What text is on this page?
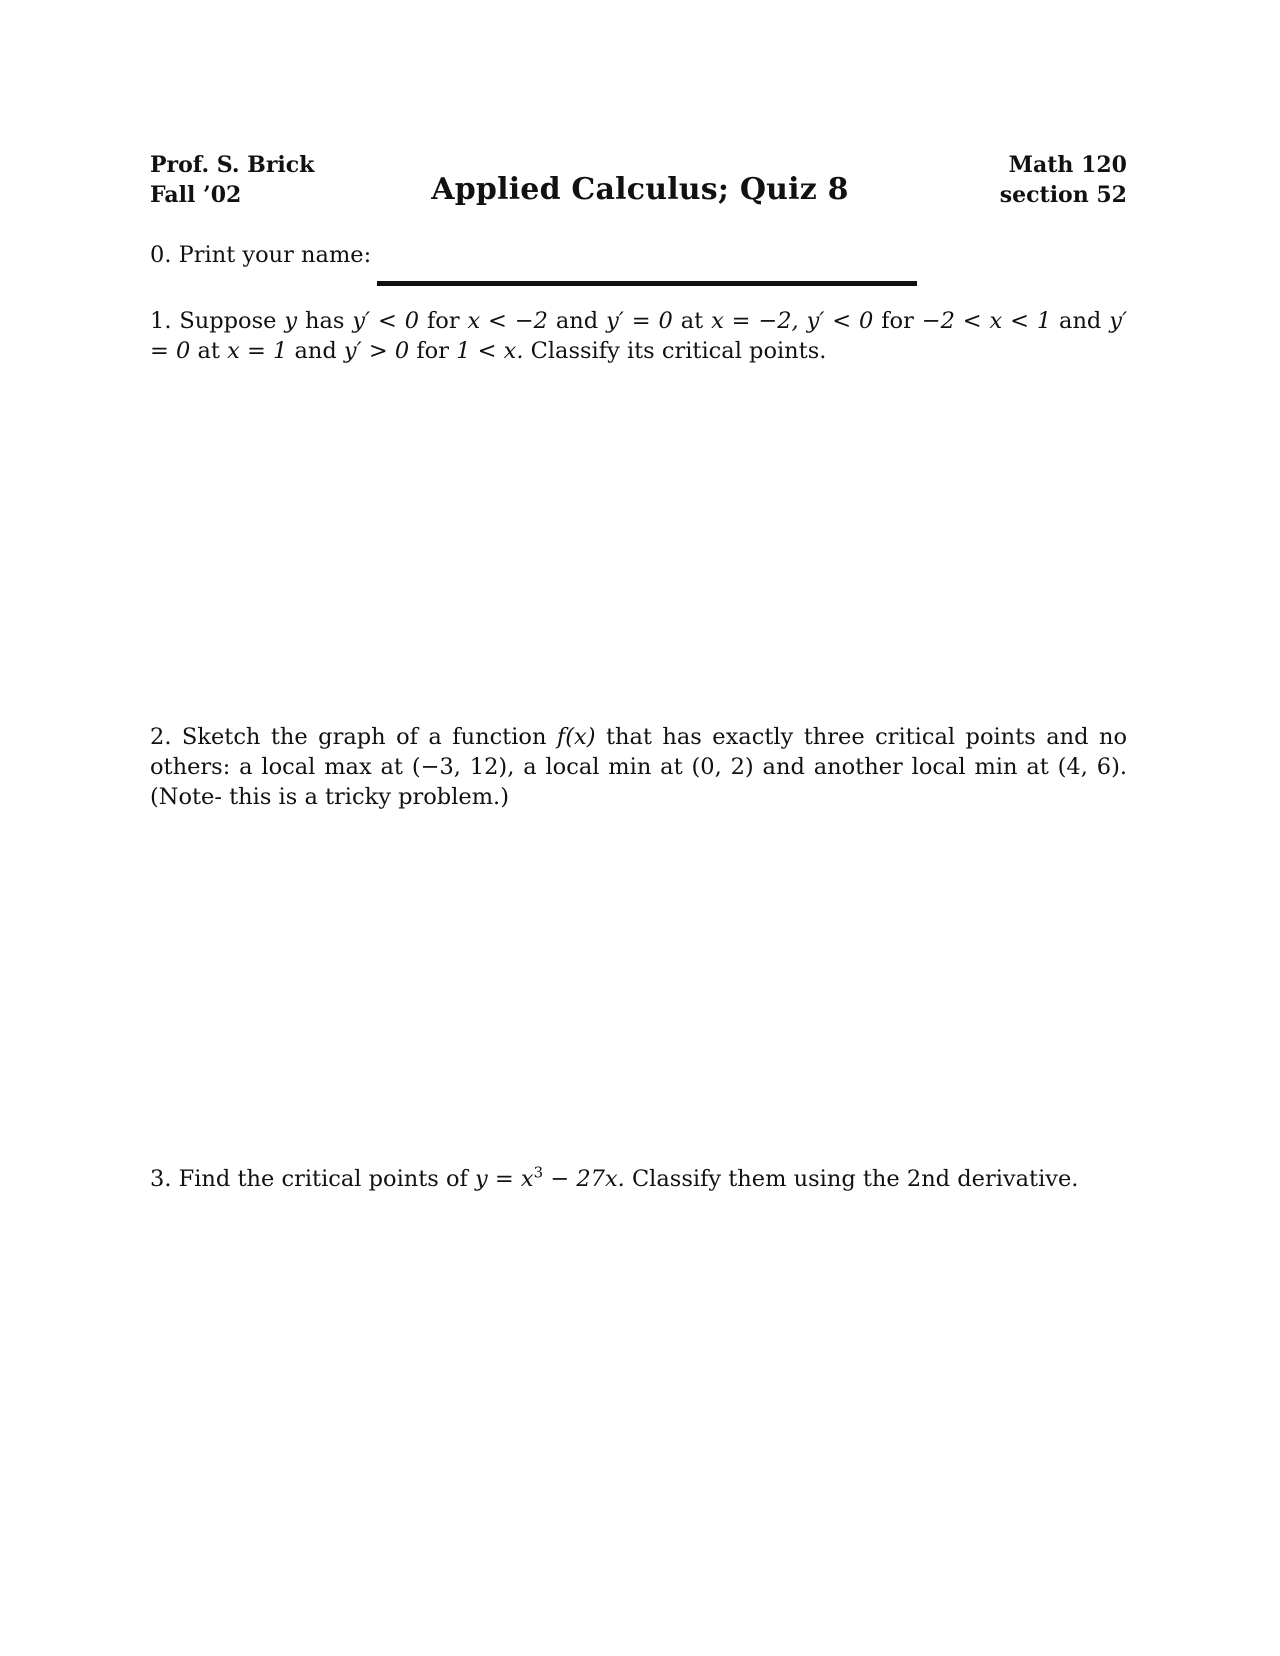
Prof. S. Brick
Fall ’02	Applied Calculus; Quiz 8
Math 120
section 52
0. Print your name:
1. Suppose y has y′ < 0 for x < −2 and y′ = 0 at x = −2, y′ < 0 for −2 < x < 1 and y′ = 0 at x = 1 and y′ > 0 for 1 < x. Classify its critical points.
2. Sketch the graph of a function f(x) that has exactly three critical points and no others: a local max at (−3, 12), a local min at (0, 2) and another local min at (4, 6). (Note- this is a tricky problem.)
3. Find the critical points of $y = x^3 - 27x$. Classify them using the 2nd derivative.
